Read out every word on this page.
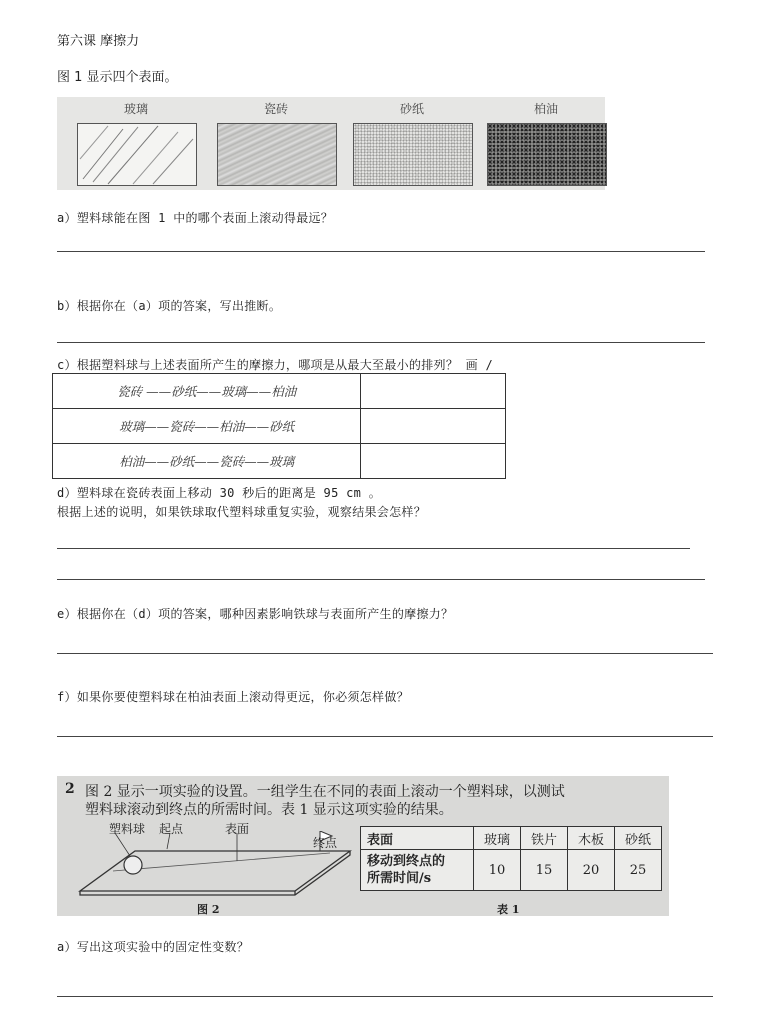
第六课 摩擦力
图 1 显示四个表面。
玻璃	瓷砖	砂纸	柏油
a）塑料球能在图 1 中的哪个表面上滚动得最远？
b）根据你在（a）项的答案，写出推断。
c）根据塑料球与上述表面所产生的摩擦力，哪项是从最大至最小的排列？ 画 /
瓷砖 ——砂纸——玻璃——柏油	
玻璃——瓷砖——柏油——砂纸	
柏油——砂纸——瓷砖——玻璃	
d）塑料球在瓷砖表面上移动 30 秒后的距离是 95 cm 。
根据上述的说明，如果铁球取代塑料球重复实验，观察结果会怎样？
e）根据你在（d）项的答案，哪种因素影响铁球与表面所产生的摩擦力？
f）如果你要使塑料球在柏油表面上滚动得更远，你必须怎样做？
2 图 2 显示一项实验的设置。一组学生在不同的表面上滚动一个塑料球，以测试
塑料球滚动到终点的所需时间。表 1 显示这项实验的结果。
塑料球 起点	表面
终点
图 2
表面	玻璃	铁片	木板	砂纸
移动到终点的
所需时间/s	10	15	20	25
表 1
a）写出这项实验中的固定性变数？
